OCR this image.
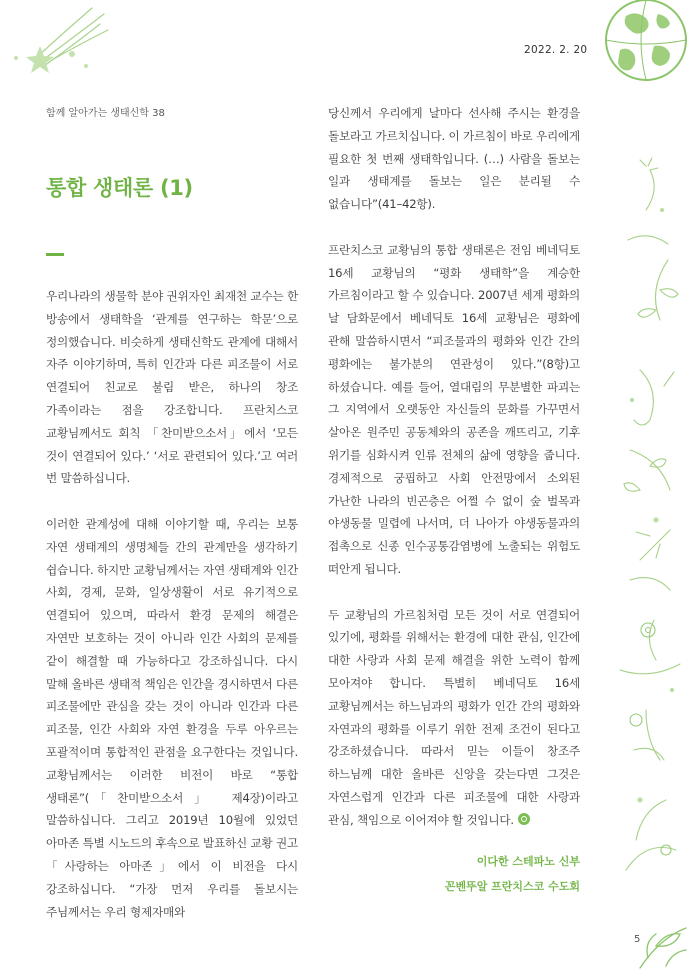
2022. 2. 20
함께 알아가는 생태신학 38
통합 생태론 (1)

우리나라의 생물학 분야 권위자인 최재천 교수는 한 방송에서 생태학을 ‘관계를 연구하는 학문’으로 정의했습니다. 비슷하게 생태신학도 관계에 대해서 자주 이야기하며, 특히 인간과 다른 피조물이 서로 연결되어 친교로 불림 받은, 하나의 창조 가족이라는 점을 강조합니다. 프란치스코 교황님께서도 회칙 「찬미받으소서」에서 ‘모든 것이 연결되어 있다.’ ‘서로 관련되어 있다.’고 여러 번 말씀하십니다.

이러한 관계성에 대해 이야기할 때, 우리는 보통 자연 생태계의 생명체들 간의 관계만을 생각하기 쉽습니다. 하지만 교황님께서는 자연 생태계와 인간 사회, 경제, 문화, 일상생활이 서로 유기적으로 연결되어 있으며, 따라서 환경 문제의 해결은 자연만 보호하는 것이 아니라 인간 사회의 문제를 같이 해결할 때 가능하다고 강조하십니다. 다시 말해 올바른 생태적 책임은 인간을 경시하면서 다른 피조물에만 관심을 갖는 것이 아니라 인간과 다른 피조물, 인간 사회와 자연 환경을 두루 아우르는 포괄적이며 통합적인 관점을 요구한다는 것입니다. 교황님께서는 이러한 비전이 바로 “통합 생태론”(「찬미받으소서」 제4장)이라고 말씀하십니다. 그리고 2019년 10월에 있었던 아마존 특별 시노드의 후속으로 발표하신 교황 권고 「사랑하는 아마존」에서 이 비전을 다시 강조하십니다. “가장 먼저 우리를 돌보시는 주님께서는 우리 형제자매와

당신께서 우리에게 날마다 선사해 주시는 환경을 돌보라고 가르치십니다. 이 가르침이 바로 우리에게 필요한 첫 번째 생태학입니다. (…) 사람을 돌보는 일과 생태계를 돌보는 일은 분리될 수 없습니다”(41–42항).

프란치스코 교황님의 통합 생태론은 전임 베네딕토 16세 교황님의 “평화 생태학”을 계승한 가르침이라고 할 수 있습니다. 2007년 세계 평화의 날 담화문에서 베네딕토 16세 교황님은 평화에 관해 말씀하시면서 “피조물과의 평화와 인간 간의 평화에는 불가분의 연관성이 있다.”(8항)고 하셨습니다. 예를 들어, 열대림의 무분별한 파괴는 그 지역에서 오랫동안 자신들의 문화를 가꾸면서 살아온 원주민 공동체와의 공존을 깨뜨리고, 기후 위기를 심화시켜 인류 전체의 삶에 영향을 줍니다. 경제적으로 궁핍하고 사회 안전망에서 소외된 가난한 나라의 빈곤층은 어쩔 수 없이 숲 벌목과 야생동물 밀렵에 나서며, 더 나아가 야생동물과의 접촉으로 신종 인수공통감염병에 노출되는 위험도 떠안게 됩니다.

두 교황님의 가르침처럼 모든 것이 서로 연결되어 있기에, 평화를 위해서는 환경에 대한 관심, 인간에 대한 사랑과 사회 문제 해결을 위한 노력이 함께 모아져야 합니다. 특별히 베네딕토 16세 교황님께서는 하느님과의 평화가 인간 간의 평화와 자연과의 평화를 이루기 위한 전제 조건이 된다고 강조하셨습니다. 따라서 믿는 이들이 창조주 하느님께 대한 올바른 신앙을 갖는다면 그것은 자연스럽게 인간과 다른 피조물에 대한 사랑과 관심, 책임으로 이어져야 할 것입니다.

이다한 스테파노 신부
꼰벤뚜알 프란치스코 수도회
5
